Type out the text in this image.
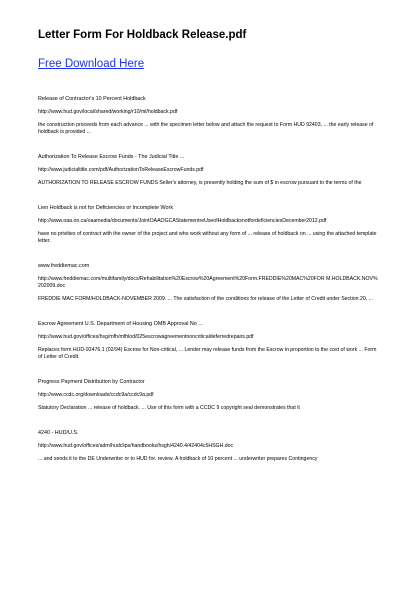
Letter Form For Holdback Release.pdf
Free Download Here
Release of Contractor's 10 Percent Holdback
http://www.hud.gov/local/shared/working/r10/ml/holdback.pdf
the construction proceeds from each advance ... with the specimen letter below and attach the request to Form HUD 92403, ... the early release of holdback is provided ...
Authorization To Release Escrow Funds - The Judicial Title ...
http://www.judicialtitle.com/pdf/AuthorizationToReleaseEscrowFunds.pdf
AUTHORIZATION TO RELEASE ESCROW FUNDS Seller's attorney, is presently holding the sum of $ in escrow pursuant to the terms of the
Lien Holdback is not for Deficiencies or Incomplete Work
http://www.oaa.on.ca/oaamedia/documents/JointOAAOGCAStatementreUseofHoldbacksnotfordeficienciesDecember2012.pdf
have no privities of contract with the owner of the project and who work without any form of ... release of holdback on ... using the attached template letter.
www.freddiemac.com
http://www.freddiemac.com/multifamily/docs/Rehabilitation%20Escrow%20Agreement%20Form.FREDDIE%20MAC%20FOR M.HOLDBACK.NOV%202009.doc
FREDDIE MAC FORM/HOLDBACK-NOVEMBER 2009. ... The satisfaction of the conditions for release of the Letter of Credit under Section 20, ...
Escrow Agreement U.S. Department of Housing OMB Approval No ...
http://www.hud.gov/offices/hsg/mfh/mfhlod/025escrowagreementnoncriticaldeferredrepairs.pdf
Replaces form HUD-92476.1 (02/94) Escrow for Non-critical, ... Lender may release funds from the Escrow in proportion to the cost of work ... Form of Letter of Credit.
Progress Payment Distribution by Contractor
http://www.ccdc.org/downloads/ccdc9a/ccdc9a.pdf
Statutory Declaration ... release of holdback. ... Use of this form with a CCDC 9 copyright seal demonstrates that it
4240 - HUD/U.S.
http://www.hud.gov/offices/adm/hudclips/handbooks/hsgh/4240.4/42404c5HSGH.doc
... and sends it to the DE Underwriter or to HUD for. review. A holdback of 10 percent ... underwriter prepares Contingency
